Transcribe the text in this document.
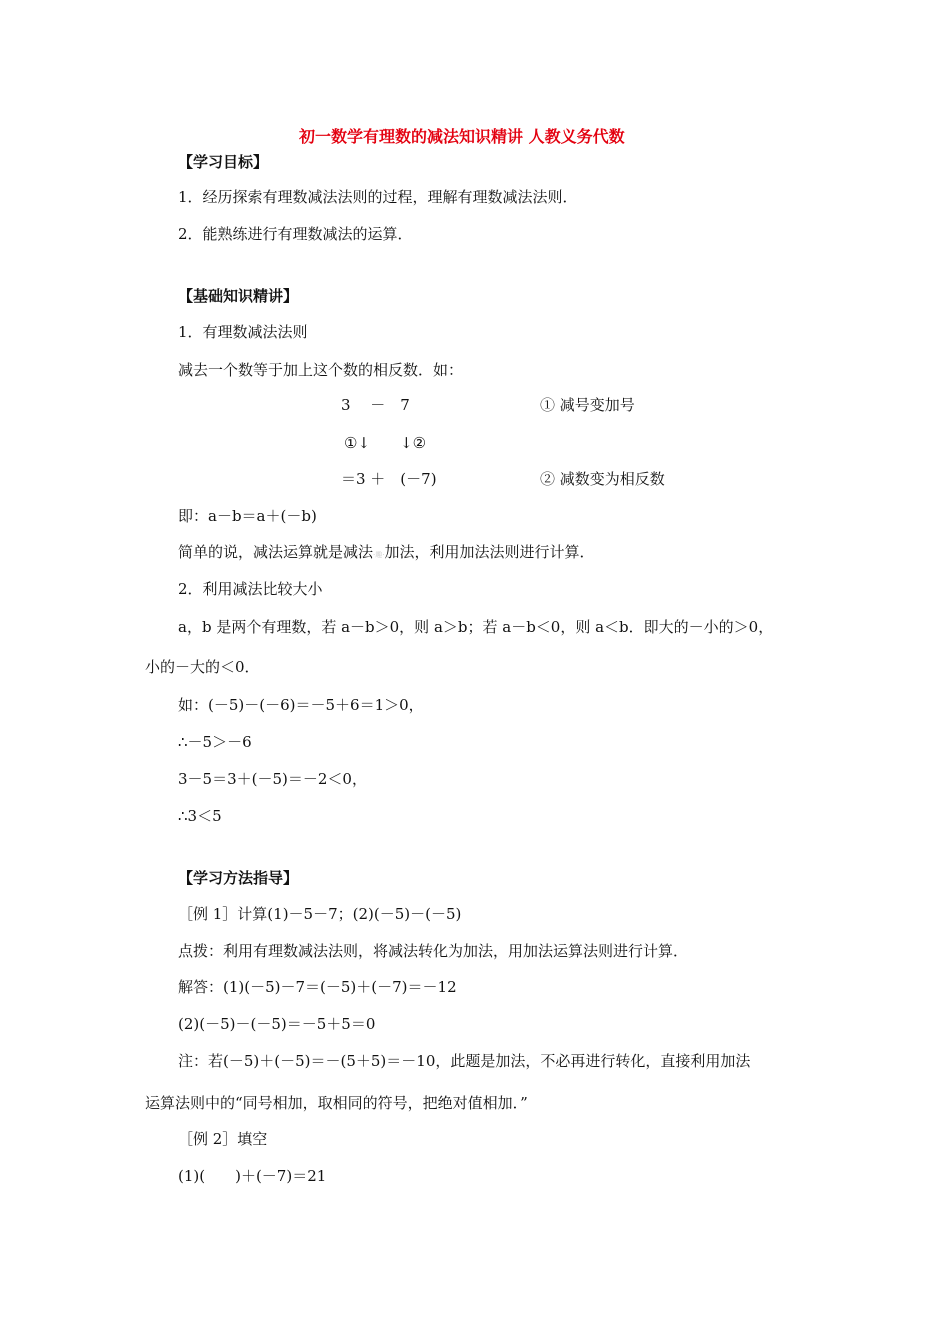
初一数学有理数的减法知识精讲 人教义务代数
【学习目标】
1．经历探索有理数减法法则的过程，理解有理数减法法则．
2．能熟练进行有理数减法的运算．
【基础知识精讲】
1．有理数减法法则
减去一个数等于加上这个数的相反数．如：
3　 －　7	① 减号变加号
①↓　　↓②
＝3 ＋　(－7)	② 减数变为相反数
即：a－b＝a＋(－b)
简单的说，减法运算就是减法·趣·加法，利用加法法则进行计算．
2．利用减法比较大小
a，b 是两个有理数，若 a－b＞0，则 a＞b；若 a－b＜0，则 a＜b．即大的－小的＞0，
小的－大的＜0．
如：(－5)－(－6)＝－5＋6＝1＞0，
∴－5＞－6
3－5＝3＋(－5)＝－2＜0，
∴3＜5
【学习方法指导】
［例 1］计算(1)－5－7；(2)(－5)－(－5)
点拨：利用有理数减法法则，将减法转化为加法，用加法运算法则进行计算．
解答：(1)(－5)－7＝(－5)＋(－7)＝－12
(2)(－5)－(－5)＝－5＋5＝0
注：若(－5)＋(－5)＝－(5＋5)＝－10，此题是加法，不必再进行转化，直接利用加法
运算法则中的“同号相加，取相同的符号，把绝对值相加．”
［例 2］填空
(1)(　　)＋(－7)＝21
